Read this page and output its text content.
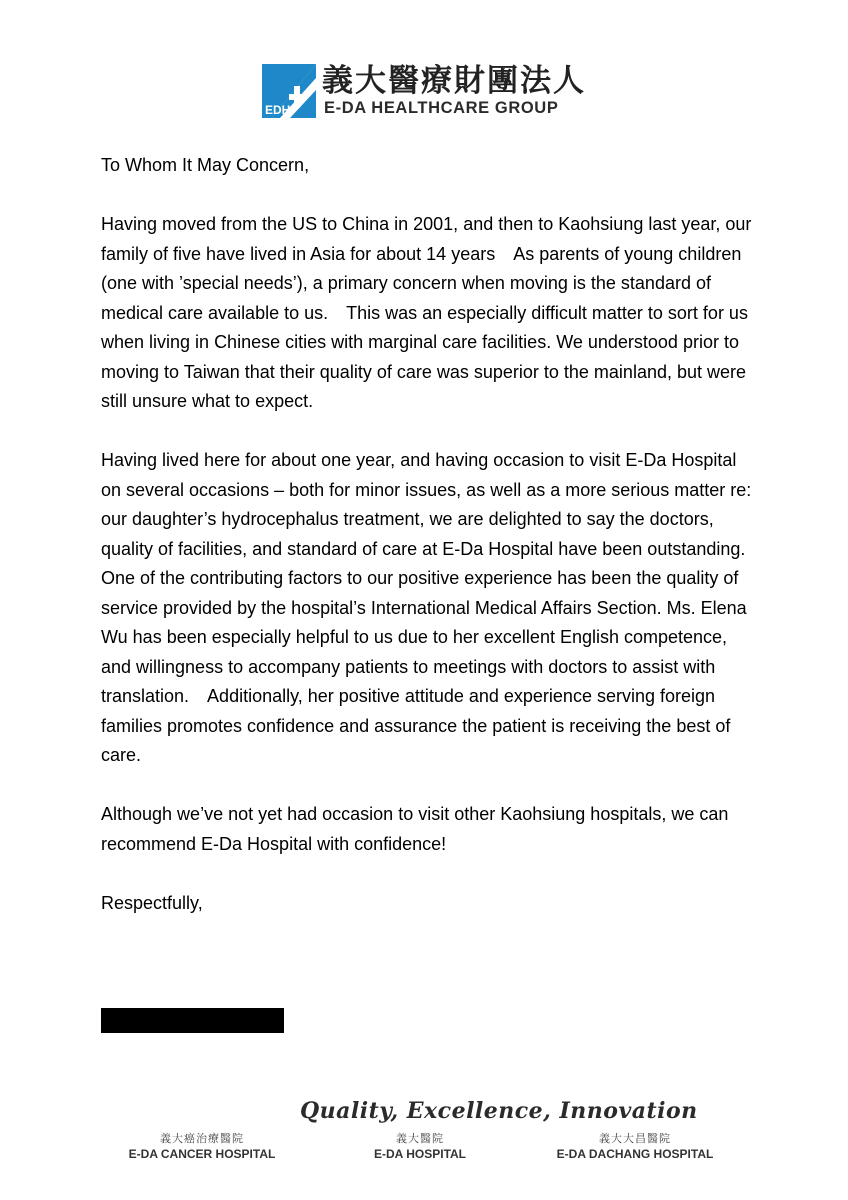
EDH
義大醫療財團法人
E-DA HEALTHCARE GROUP

To Whom It May Concern,

Having moved from the US to China in 2001, and then to Kaohsiung last year, our family of five have lived in Asia for about 14 years　As parents of young children (one with ’special needs’), a primary concern when moving is the standard of medical care available to us.　This was an especially difficult matter to sort for us when living in Chinese cities with marginal care facilities. We understood prior to moving to Taiwan that their quality of care was superior to the mainland, but were still unsure what to expect.

Having lived here for about one year, and having occasion to visit E-Da Hospital on several occasions – both for minor issues, as well as a more serious matter re: our daughter’s hydrocephalus treatment, we are delighted to say the doctors, quality of facilities, and standard of care at E-Da Hospital have been outstanding.　One of the contributing factors to our positive experience has been the quality of service provided by the hospital’s International Medical Affairs Section. Ms. Elena Wu has been especially helpful to us due to her excellent English competence, and willingness to accompany patients to meetings with doctors to assist with translation.　Additionally, her positive attitude and experience serving foreign families promotes confidence and assurance the patient is receiving the best of care.

Although we’ve not yet had occasion to visit other Kaohsiung hospitals, we can recommend E-Da Hospital with confidence!

Respectfully,

Quality, Excellence, Innovation
義大癌治療醫院
E-DA CANCER HOSPITAL
義大醫院
E-DA HOSPITAL
義大大昌醫院
E-DA DACHANG HOSPITAL
